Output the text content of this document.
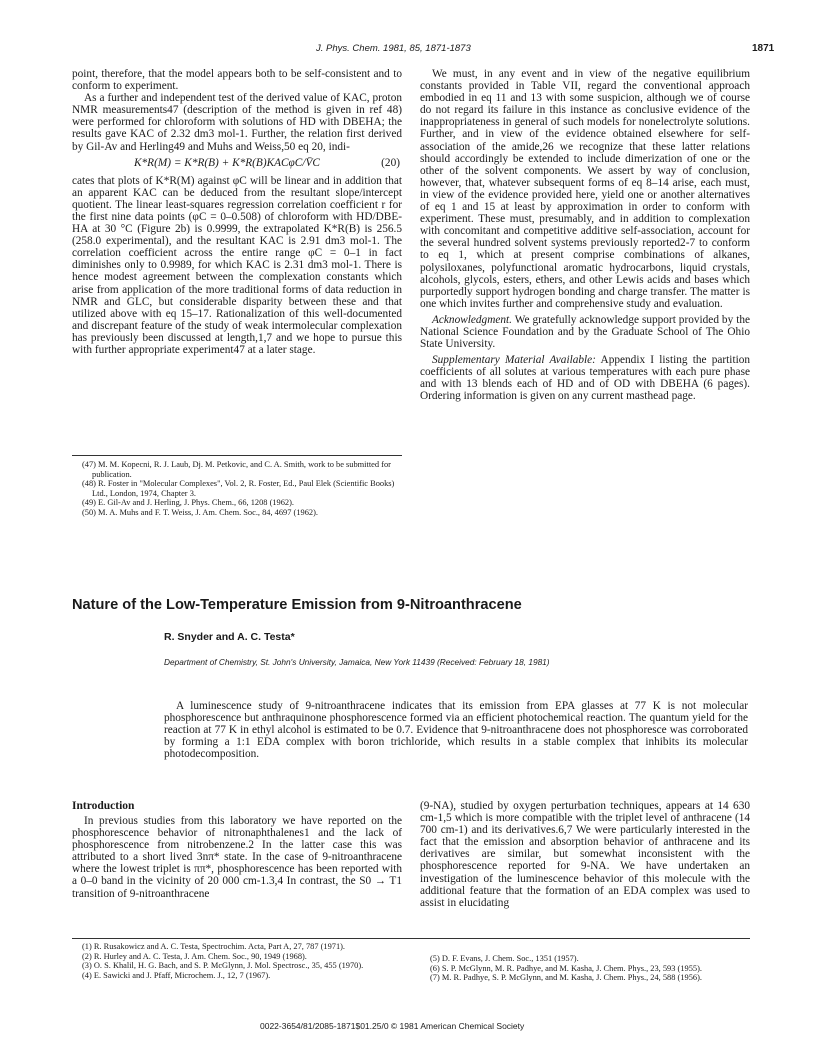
J. Phys. Chem. 1981, 85, 1871-1873	1871

point, therefore, that the model appears both to be self-consistent and to conform to experiment.

As a further and independent test of the derived value of KAC, proton NMR measurements47 (description of the method is given in ref 48) were performed for chloroform with solutions of HD with DBEHA; the results gave KAC of 2.32 dm3 mol-1. Further, the relation first derived by Gil-Av and Herling49 and Muhs and Weiss,50 eq 20, indi-

K*R(M) = K*R(B) + K*R(B)KACφC/V̄C	(20)

cates that plots of K*R(M) against φC will be linear and in addition that an apparent KAC can be deduced from the resultant slope/intercept quotient. The linear least-squares regression correlation coefficient r for the first nine data points (φC = 0–0.508) of chloroform with HD/DBE-HA at 30 °C (Figure 2b) is 0.9999, the extrapolated K*R(B) is 256.5 (258.0 experimental), and the resultant KAC is 2.91 dm3 mol-1. The correlation coefficient across the entire range φC = 0–1 in fact diminishes only to 0.9989, for which KAC is 2.31 dm3 mol-1. There is hence modest agreement between the complexation constants which arise from application of the more traditional forms of data reduction in NMR and GLC, but considerable disparity between these and that utilized above with eq 15–17. Rationalization of this well-documented and discrepant feature of the study of weak intermolecular complexation has previously been discussed at length,1,7 and we hope to pursue this with further appropriate experiment47 at a later stage.

(47) M. M. Kopecni, R. J. Laub, Dj. M. Petkovic, and C. A. Smith, work to be submitted for publication.
(48) R. Foster in "Molecular Complexes", Vol. 2, R. Foster, Ed., Paul Elek (Scientific Books) Ltd., London, 1974, Chapter 3.
(49) E. Gil-Av and J. Herling, J. Phys. Chem., 66, 1208 (1962).
(50) M. A. Muhs and F. T. Weiss, J. Am. Chem. Soc., 84, 4697 (1962).

We must, in any event and in view of the negative equilibrium constants provided in Table VII, regard the conventional approach embodied in eq 11 and 13 with some suspicion, although we of course do not regard its failure in this instance as conclusive evidence of the inappropriateness in general of such models for nonelectrolyte solutions. Further, and in view of the evidence obtained elsewhere for self-association of the amide,26 we recognize that these latter relations should accordingly be extended to include dimerization of one or the other of the solvent components. We assert by way of conclusion, however, that, whatever subsequent forms of eq 8–14 arise, each must, in view of the evidence provided here, yield one or another alternatives of eq 1 and 15 at least by approximation in order to conform with experiment. These must, presumably, and in addition to complexation with concomitant and competitive additive self-association, account for the several hundred solvent systems previously reported2-7 to conform to eq 1, which at present comprise combinations of alkanes, polysiloxanes, polyfunctional aromatic hydrocarbons, liquid crystals, alcohols, glycols, esters, ethers, and other Lewis acids and bases which purportedly support hydrogen bonding and charge transfer. The matter is one which invites further and comprehensive study and evaluation.

Acknowledgment. We gratefully acknowledge support provided by the National Science Foundation and by the Graduate School of The Ohio State University.

Supplementary Material Available: Appendix I listing the partition coefficients of all solutes at various temperatures with each pure phase and with 13 blends each of HD and of OD with DBEHA (6 pages). Ordering information is given on any current masthead page.

Nature of the Low-Temperature Emission from 9-Nitroanthracene
R. Snyder and A. C. Testa*
Department of Chemistry, St. John's University, Jamaica, New York 11439 (Received: February 18, 1981)
A luminescence study of 9-nitroanthracene indicates that its emission from EPA glasses at 77 K is not molecular phosphorescence but anthraquinone phosphorescence formed via an efficient photochemical reaction. The quantum yield for the reaction at 77 K in ethyl alcohol is estimated to be 0.7. Evidence that 9-nitroanthracene does not phosphoresce was corroborated by forming a 1:1 EDA complex with boron trichloride, which results in a stable complex that inhibits its molecular photodecomposition.
Introduction

In previous studies from this laboratory we have reported on the phosphorescence behavior of nitronaphthalenes1 and the lack of phosphorescence from nitrobenzene.2 In the latter case this was attributed to a short lived 3nπ* state. In the case of 9-nitroanthracene where the lowest triplet is ππ*, phosphorescence has been reported with a 0–0 band in the vicinity of 20 000 cm-1.3,4 In contrast, the S0 → T1 transition of 9-nitroanthracene

(9-NA), studied by oxygen perturbation techniques, appears at 14 630 cm-1,5 which is more compatible with the triplet level of anthracene (14 700 cm-1) and its derivatives.6,7 We were particularly interested in the fact that the emission and absorption behavior of anthracene and its derivatives are similar, but somewhat inconsistent with the phosphorescence reported for 9-NA. We have undertaken an investigation of the luminescence behavior of this molecule with the additional feature that the formation of an EDA complex was used to assist in elucidating

(1) R. Rusakowicz and A. C. Testa, Spectrochim. Acta, Part A, 27, 787 (1971).
(2) R. Hurley and A. C. Testa, J. Am. Chem. Soc., 90, 1949 (1968).
(3) O. S. Khalil, H. G. Bach, and S. P. McGlynn, J. Mol. Spectrosc., 35, 455 (1970).
(4) E. Sawicki and J. Pfaff, Microchem. J., 12, 7 (1967).
(5) D. F. Evans, J. Chem. Soc., 1351 (1957).
(6) S. P. McGlynn, M. R. Padhye, and M. Kasha, J. Chem. Phys., 23, 593 (1955).
(7) M. R. Padhye, S. P. McGlynn, and M. Kasha, J. Chem. Phys., 24, 588 (1956).
0022-3654/81/2085-1871$01.25/0 © 1981 American Chemical Society
